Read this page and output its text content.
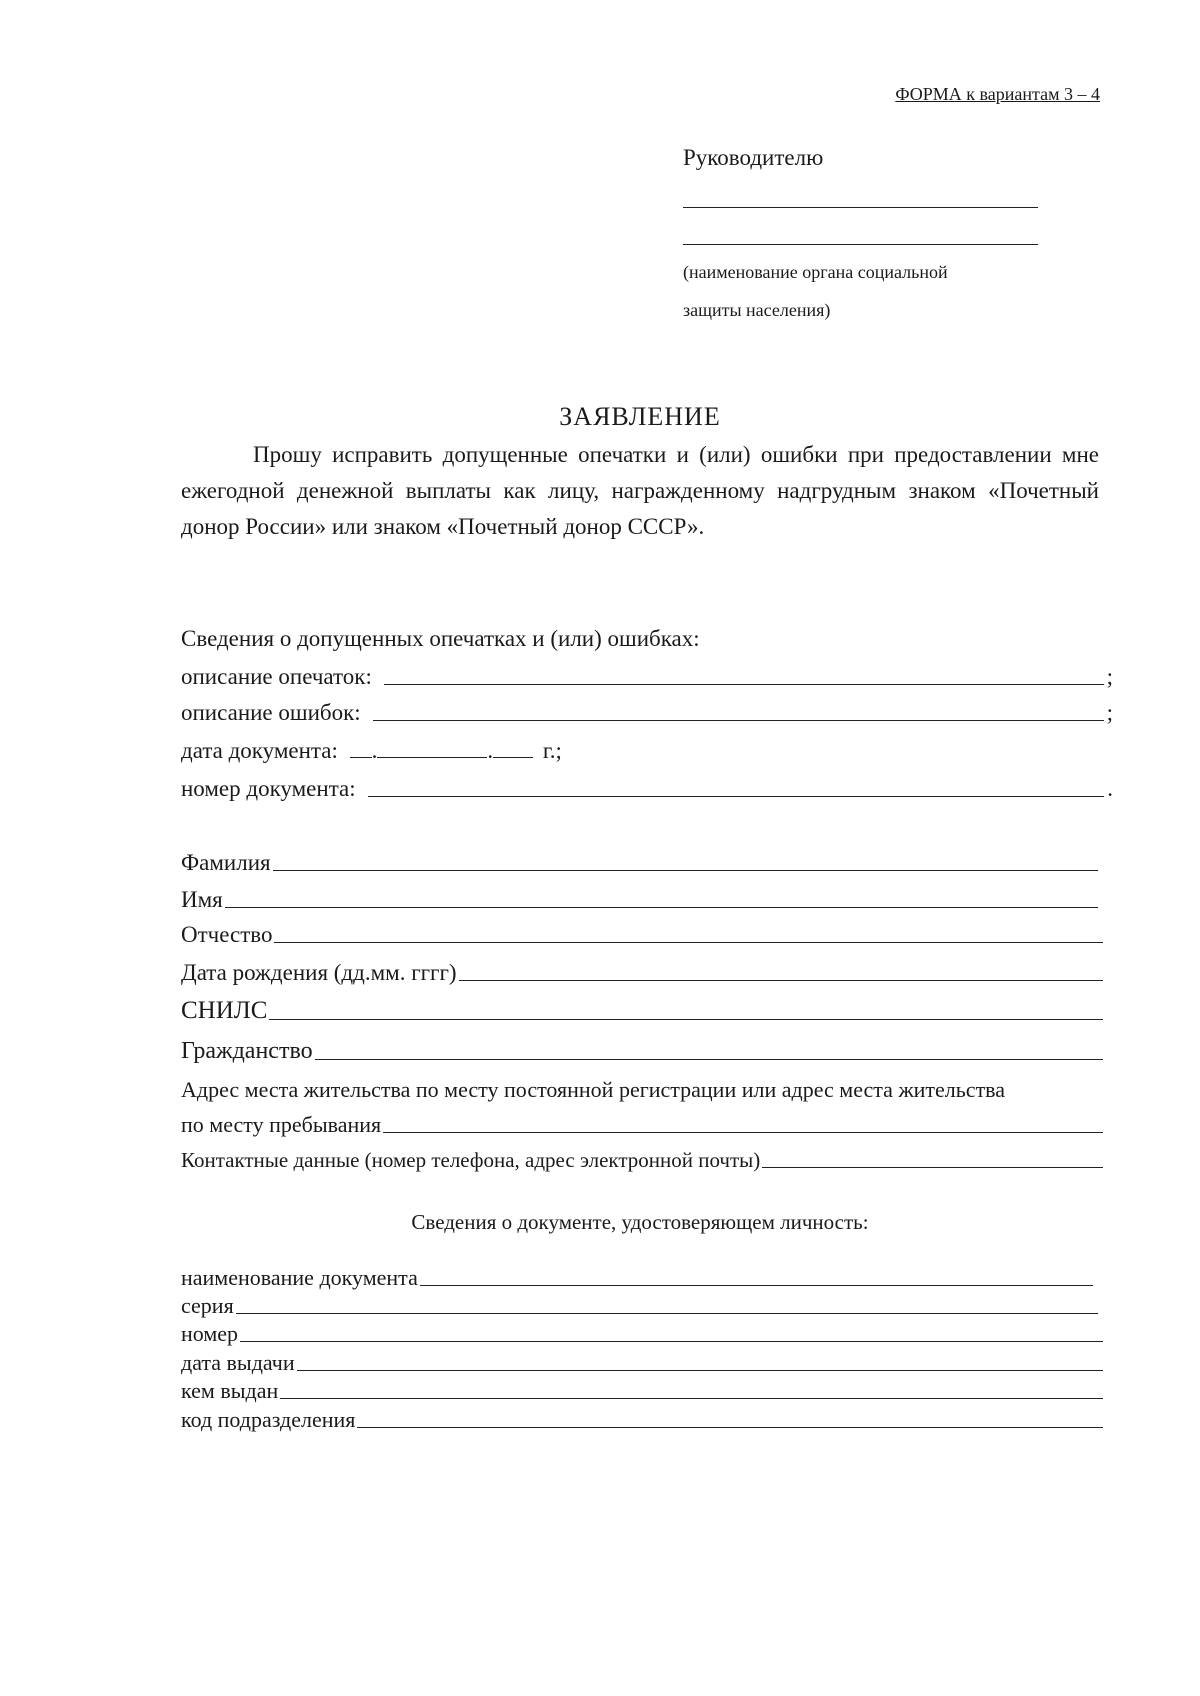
ФОРМА к вариантам 3 – 4
Руководителю
(наименование органа социальной
защиты населения)
ЗАЯВЛЕНИЕ
Прошу исправить допущенные опечатки и (или) ошибки при предоставлении мне ежегодной денежной выплаты как лицу, награжденному надгрудным знаком «Почетный донор России» или знаком «Почетный донор СССР».
Сведения о допущенных опечатках и (или) ошибках:
описание опечаток:	;
описание ошибок:	;
дата документа: .	. г.;
номер документа:	.
Фамилия
Имя
Отчество
Дата рождения (дд.мм. гггг)
СНИЛС
Гражданство
Адрес места жительства по месту постоянной регистрации или адрес места жительства
по месту пребывания
Контактные данные (номер телефона, адрес электронной почты)
Сведения о документе, удостоверяющем личность:
наименование документа
серия
номер
дата выдачи
кем выдан
код подразделения
